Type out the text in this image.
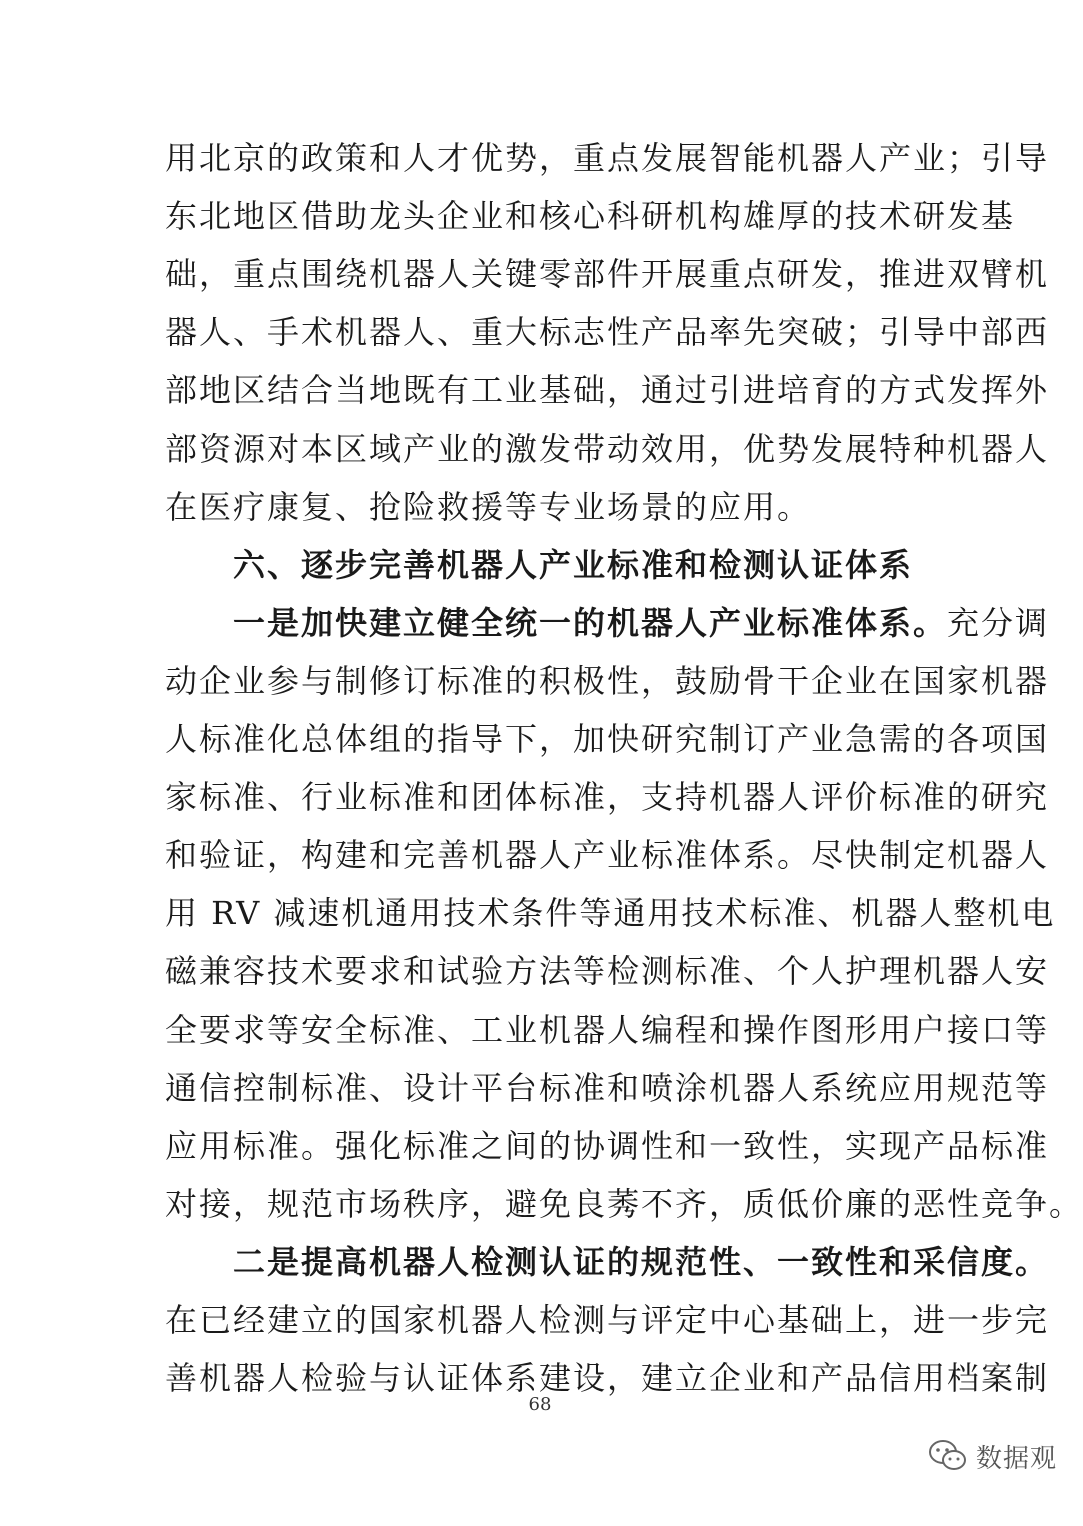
用北京的政策和人才优势，重点发展智能机器人产业；引导
东北地区借助龙头企业和核心科研机构雄厚的技术研发基
础，重点围绕机器人关键零部件开展重点研发，推进双臂机
器人、手术机器人、重大标志性产品率先突破；引导中部西
部地区结合当地既有工业基础，通过引进培育的方式发挥外
部资源对本区域产业的激发带动效用，优势发展特种机器人
在医疗康复、抢险救援等专业场景的应用。
　　六、逐步完善机器人产业标准和检测认证体系
　　一是加快建立健全统一的机器人产业标准体系。充分调
动企业参与制修订标准的积极性，鼓励骨干企业在国家机器
人标准化总体组的指导下，加快研究制订产业急需的各项国
家标准、行业标准和团体标准，支持机器人评价标准的研究
和验证，构建和完善机器人产业标准体系。尽快制定机器人
用 RV 减速机通用技术条件等通用技术标准、机器人整机电
磁兼容技术要求和试验方法等检测标准、个人护理机器人安
全要求等安全标准、工业机器人编程和操作图形用户接口等
通信控制标准、设计平台标准和喷涂机器人系统应用规范等
应用标准。强化标准之间的协调性和一致性，实现产品标准
对接，规范市场秩序，避免良莠不齐，质低价廉的恶性竞争。
　　二是提高机器人检测认证的规范性、一致性和采信度。
在已经建立的国家机器人检测与评定中心基础上，进一步完
善机器人检验与认证体系建设，建立企业和产品信用档案制
68
数据观
